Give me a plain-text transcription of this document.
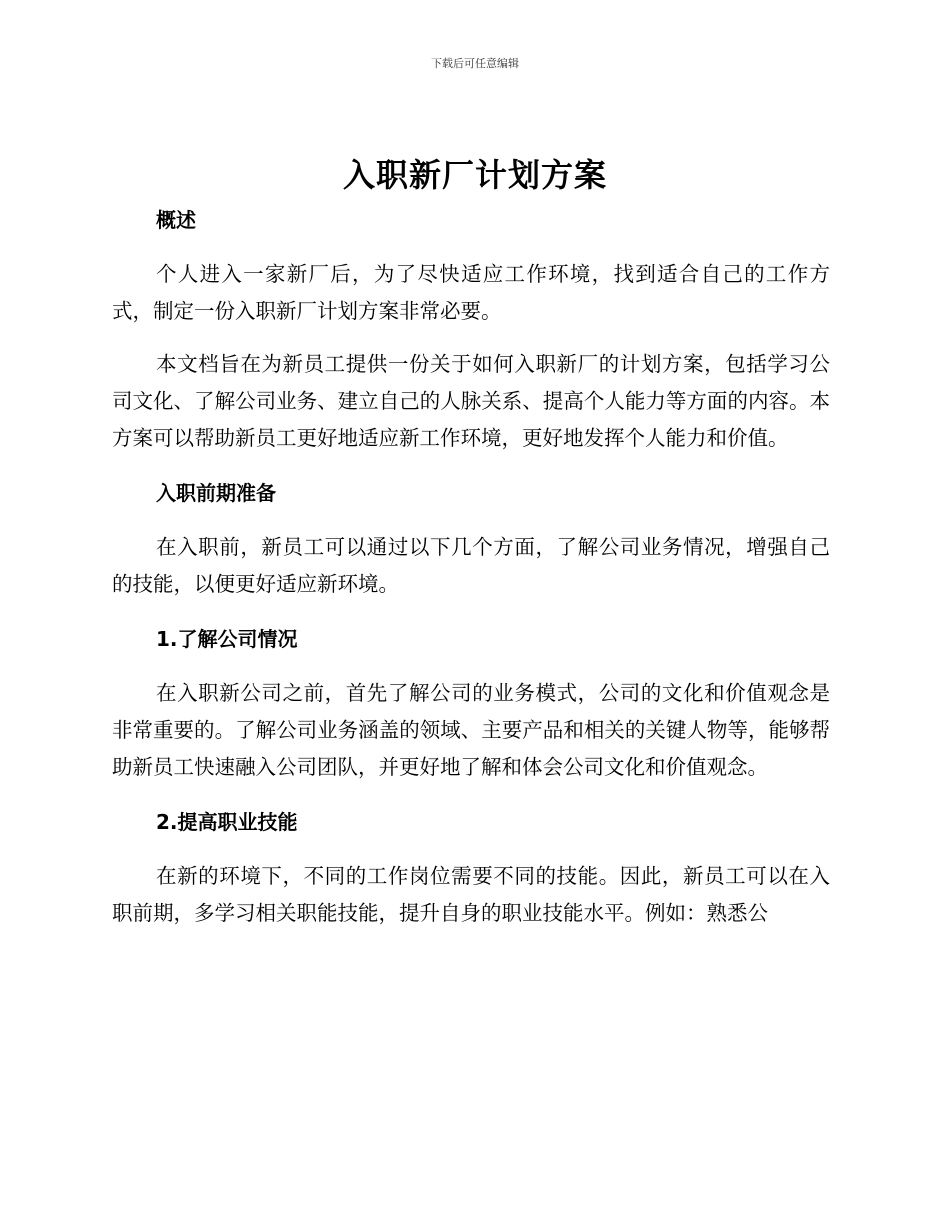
下载后可任意编辑
入职新厂计划方案
概述

个人进入一家新厂后，为了尽快适应工作环境，找到适合自己的工作方式，制定一份入职新厂计划方案非常必要。

本文档旨在为新员工提供一份关于如何入职新厂的计划方案，包括学习公司文化、了解公司业务、建立自己的人脉关系、提高个人能力等方面的内容。本方案可以帮助新员工更好地适应新工作环境，更好地发挥个人能力和价值。

入职前期准备

在入职前，新员工可以通过以下几个方面，了解公司业务情况，增强自己的技能，以便更好适应新环境。

1.了解公司情况

在入职新公司之前，首先了解公司的业务模式，公司的文化和价值观念是非常重要的。了解公司业务涵盖的领域、主要产品和相关的关键人物等，能够帮助新员工快速融入公司团队，并更好地了解和体会公司文化和价值观念。

2.提高职业技能

在新的环境下，不同的工作岗位需要不同的技能。因此，新员工可以在入职前期，多学习相关职能技能，提升自身的职业技能水平。例如：熟悉公
